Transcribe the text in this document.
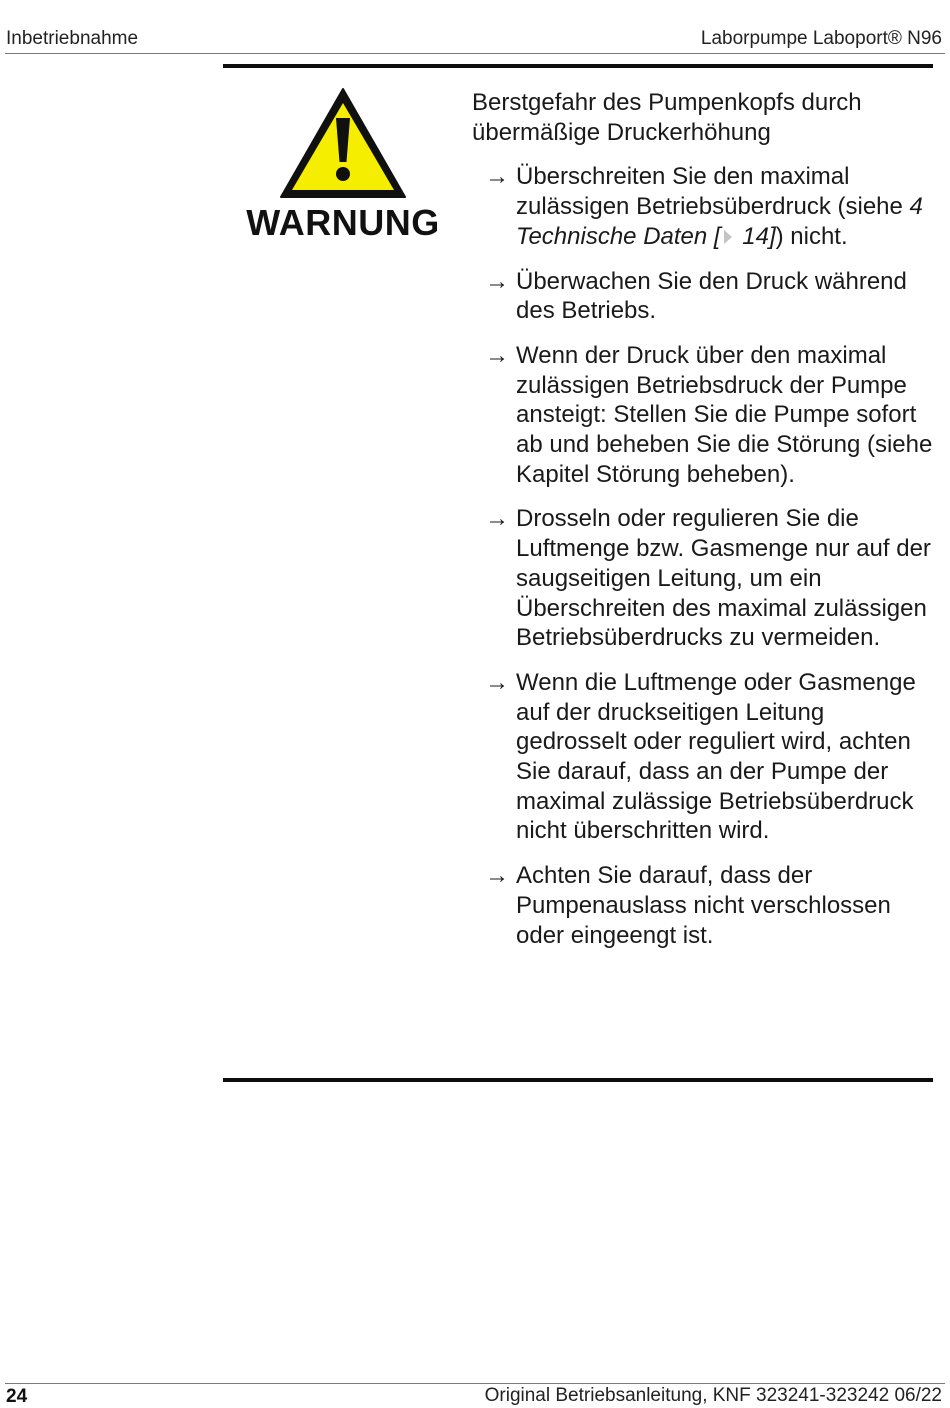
Inbetriebnahme	Laborpumpe Laboport® N96
WARNUNG
Berstgefahr des Pumpenkopfs durch übermäßige Druckerhöhung
→ Überschreiten Sie den maximal zulässigen Betriebsüberdruck (siehe 4 Technische Daten [ 14]) nicht.
→ Überwachen Sie den Druck während des Betriebs.
→ Wenn der Druck über den maximal zulässigen Betriebsdruck der Pumpe ansteigt: Stellen Sie die Pumpe sofort ab und beheben Sie die Störung (siehe Kapitel Störung beheben).
→ Drosseln oder regulieren Sie die Luftmenge bzw. Gasmenge nur auf der saugseitigen Leitung, um ein Überschreiten des maximal zulässigen Betriebsüberdrucks zu vermeiden.
→ Wenn die Luftmenge oder Gasmenge auf der druckseitigen Leitung gedrosselt oder reguliert wird, achten Sie darauf, dass an der Pumpe der maximal zulässige Betriebsüberdruck nicht überschritten wird.
→ Achten Sie darauf, dass der Pumpenauslass nicht verschlossen oder eingeengt ist.
24	Original Betriebsanleitung, KNF 323241-323242 06/22
